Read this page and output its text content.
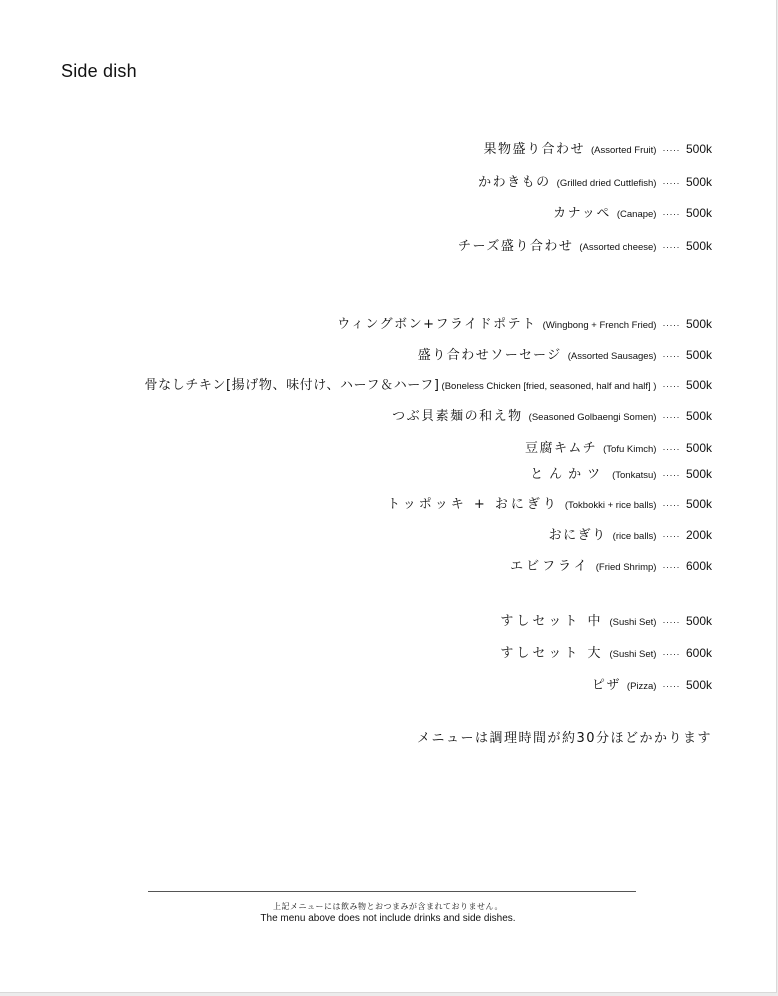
Side dish
果物盛り合わせ (Assorted Fruit) ····· 500k
かわきもの (Grilled dried Cuttlefish) ····· 500k
カナッペ (Canape) ····· 500k
チーズ盛り合わせ (Assorted cheese) ····· 500k
ウィングボン+フライドポテト (Wingbong + French Fried) ····· 500k
盛り合わせソーセージ (Assorted Sausages) ····· 500k
骨なしチキン[揚げ物、味付け、ハーフ＆ハーフ] (Boneless Chicken [fried, seasoned, half and half] ) ····· 500k
つぶ貝素麺の和え物 (Seasoned Golbaengi Somen) ····· 500k
豆腐キムチ (Tofu Kimch) ····· 500k
とんかツ (Tonkatsu) ····· 500k
トッポッキ + おにぎり (Tokbokki + rice balls) ····· 500k
おにぎり (rice balls) ····· 200k
エビフライ (Fried Shrimp) ····· 600k
すしセット 中 (Sushi Set) ····· 500k
すしセット 大 (Sushi Set) ····· 600k
ピザ (Pizza) ····· 500k
メニューは調理時間が約30分ほどかかります
上記メニューには飲み物とおつまみが含まれておりません。
The menu above does not include drinks and side dishes.
